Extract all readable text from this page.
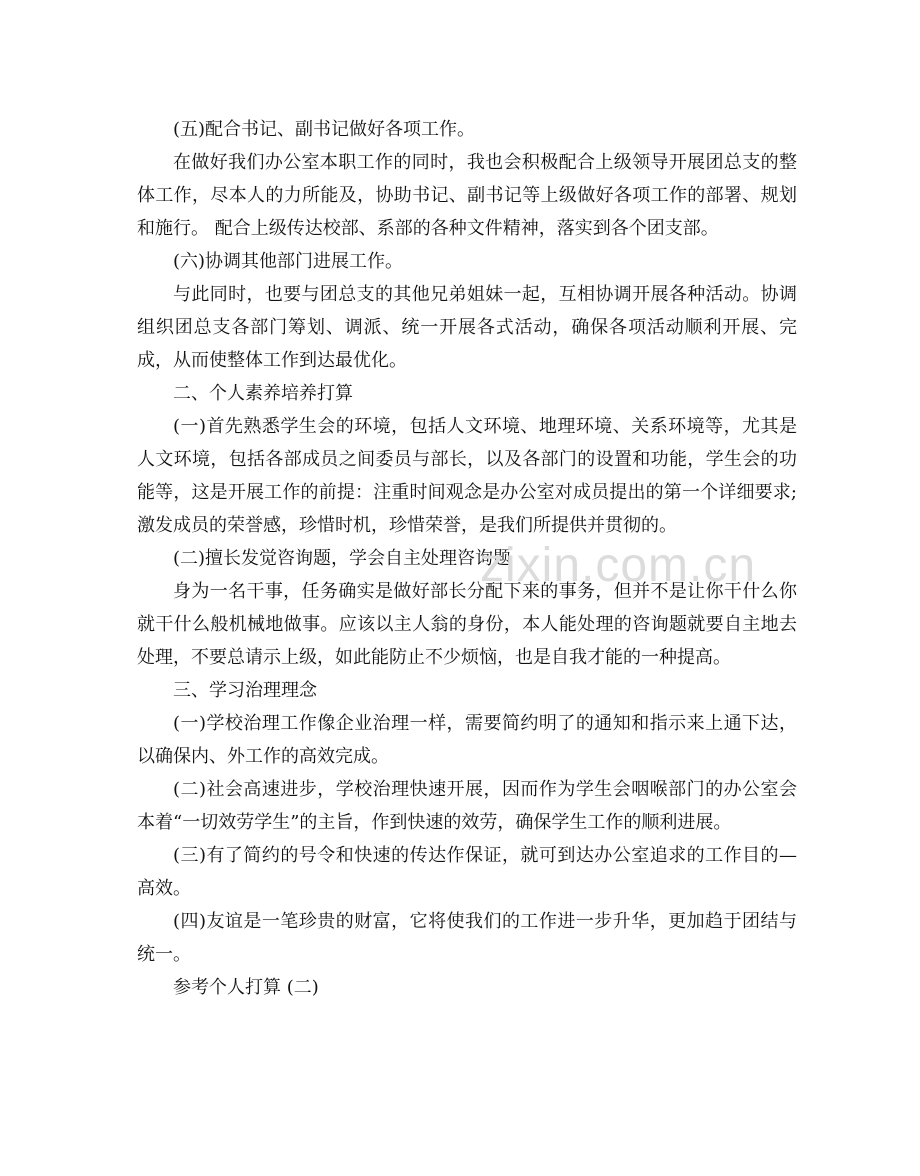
(五)配合书记、副书记做好各项工作。

在做好我们办公室本职工作的同时，我也会积极配合上级领导开展团总支的整体工作，尽本人的力所能及，协助书记、副书记等上级做好各项工作的部署、规划和施行。 配合上级传达校部、系部的各种文件精神，落实到各个团支部。

(六)协调其他部门进展工作。

与此同时，也要与团总支的其他兄弟姐妹一起，互相协调开展各种活动。协调组织团总支各部门筹划、调派、统一开展各式活动，确保各项活动顺利开展、完成，从而使整体工作到达最优化。

二、个人素养培养打算

(一)首先熟悉学生会的环境，包括人文环境、地理环境、关系环境等，尤其是人文环境，包括各部成员之间委员与部长，以及各部门的设置和功能，学生会的功能等，这是开展工作的前提：注重时间观念是办公室对成员提出的第一个详细要求;激发成员的荣誉感，珍惜时机，珍惜荣誉，是我们所提供并贯彻的。

(二)擅长发觉咨询题，学会自主处理咨询题

身为一名干事，任务确实是做好部长分配下来的事务，但并不是让你干什么你就干什么般机械地做事。应该以主人翁的身份，本人能处理的咨询题就要自主地去处理，不要总请示上级，如此能防止不少烦恼，也是自我才能的一种提高。

三、学习治理理念

(一)学校治理工作像企业治理一样，需要简约明了的通知和指示来上通下达，以确保内、外工作的高效完成。

(二)社会高速进步，学校治理快速开展，因而作为学生会咽喉部门的办公室会本着“一切效劳学生”的主旨，作到快速的效劳，确保学生工作的顺利进展。

(三)有了简约的号令和快速的传达作保证，就可到达办公室追求的工作目的—高效。

(四)友谊是一笔珍贵的财富，它将使我们的工作进一步升华，更加趋于团结与统一。

参考个人打算 (二)

zixin.com.cn
